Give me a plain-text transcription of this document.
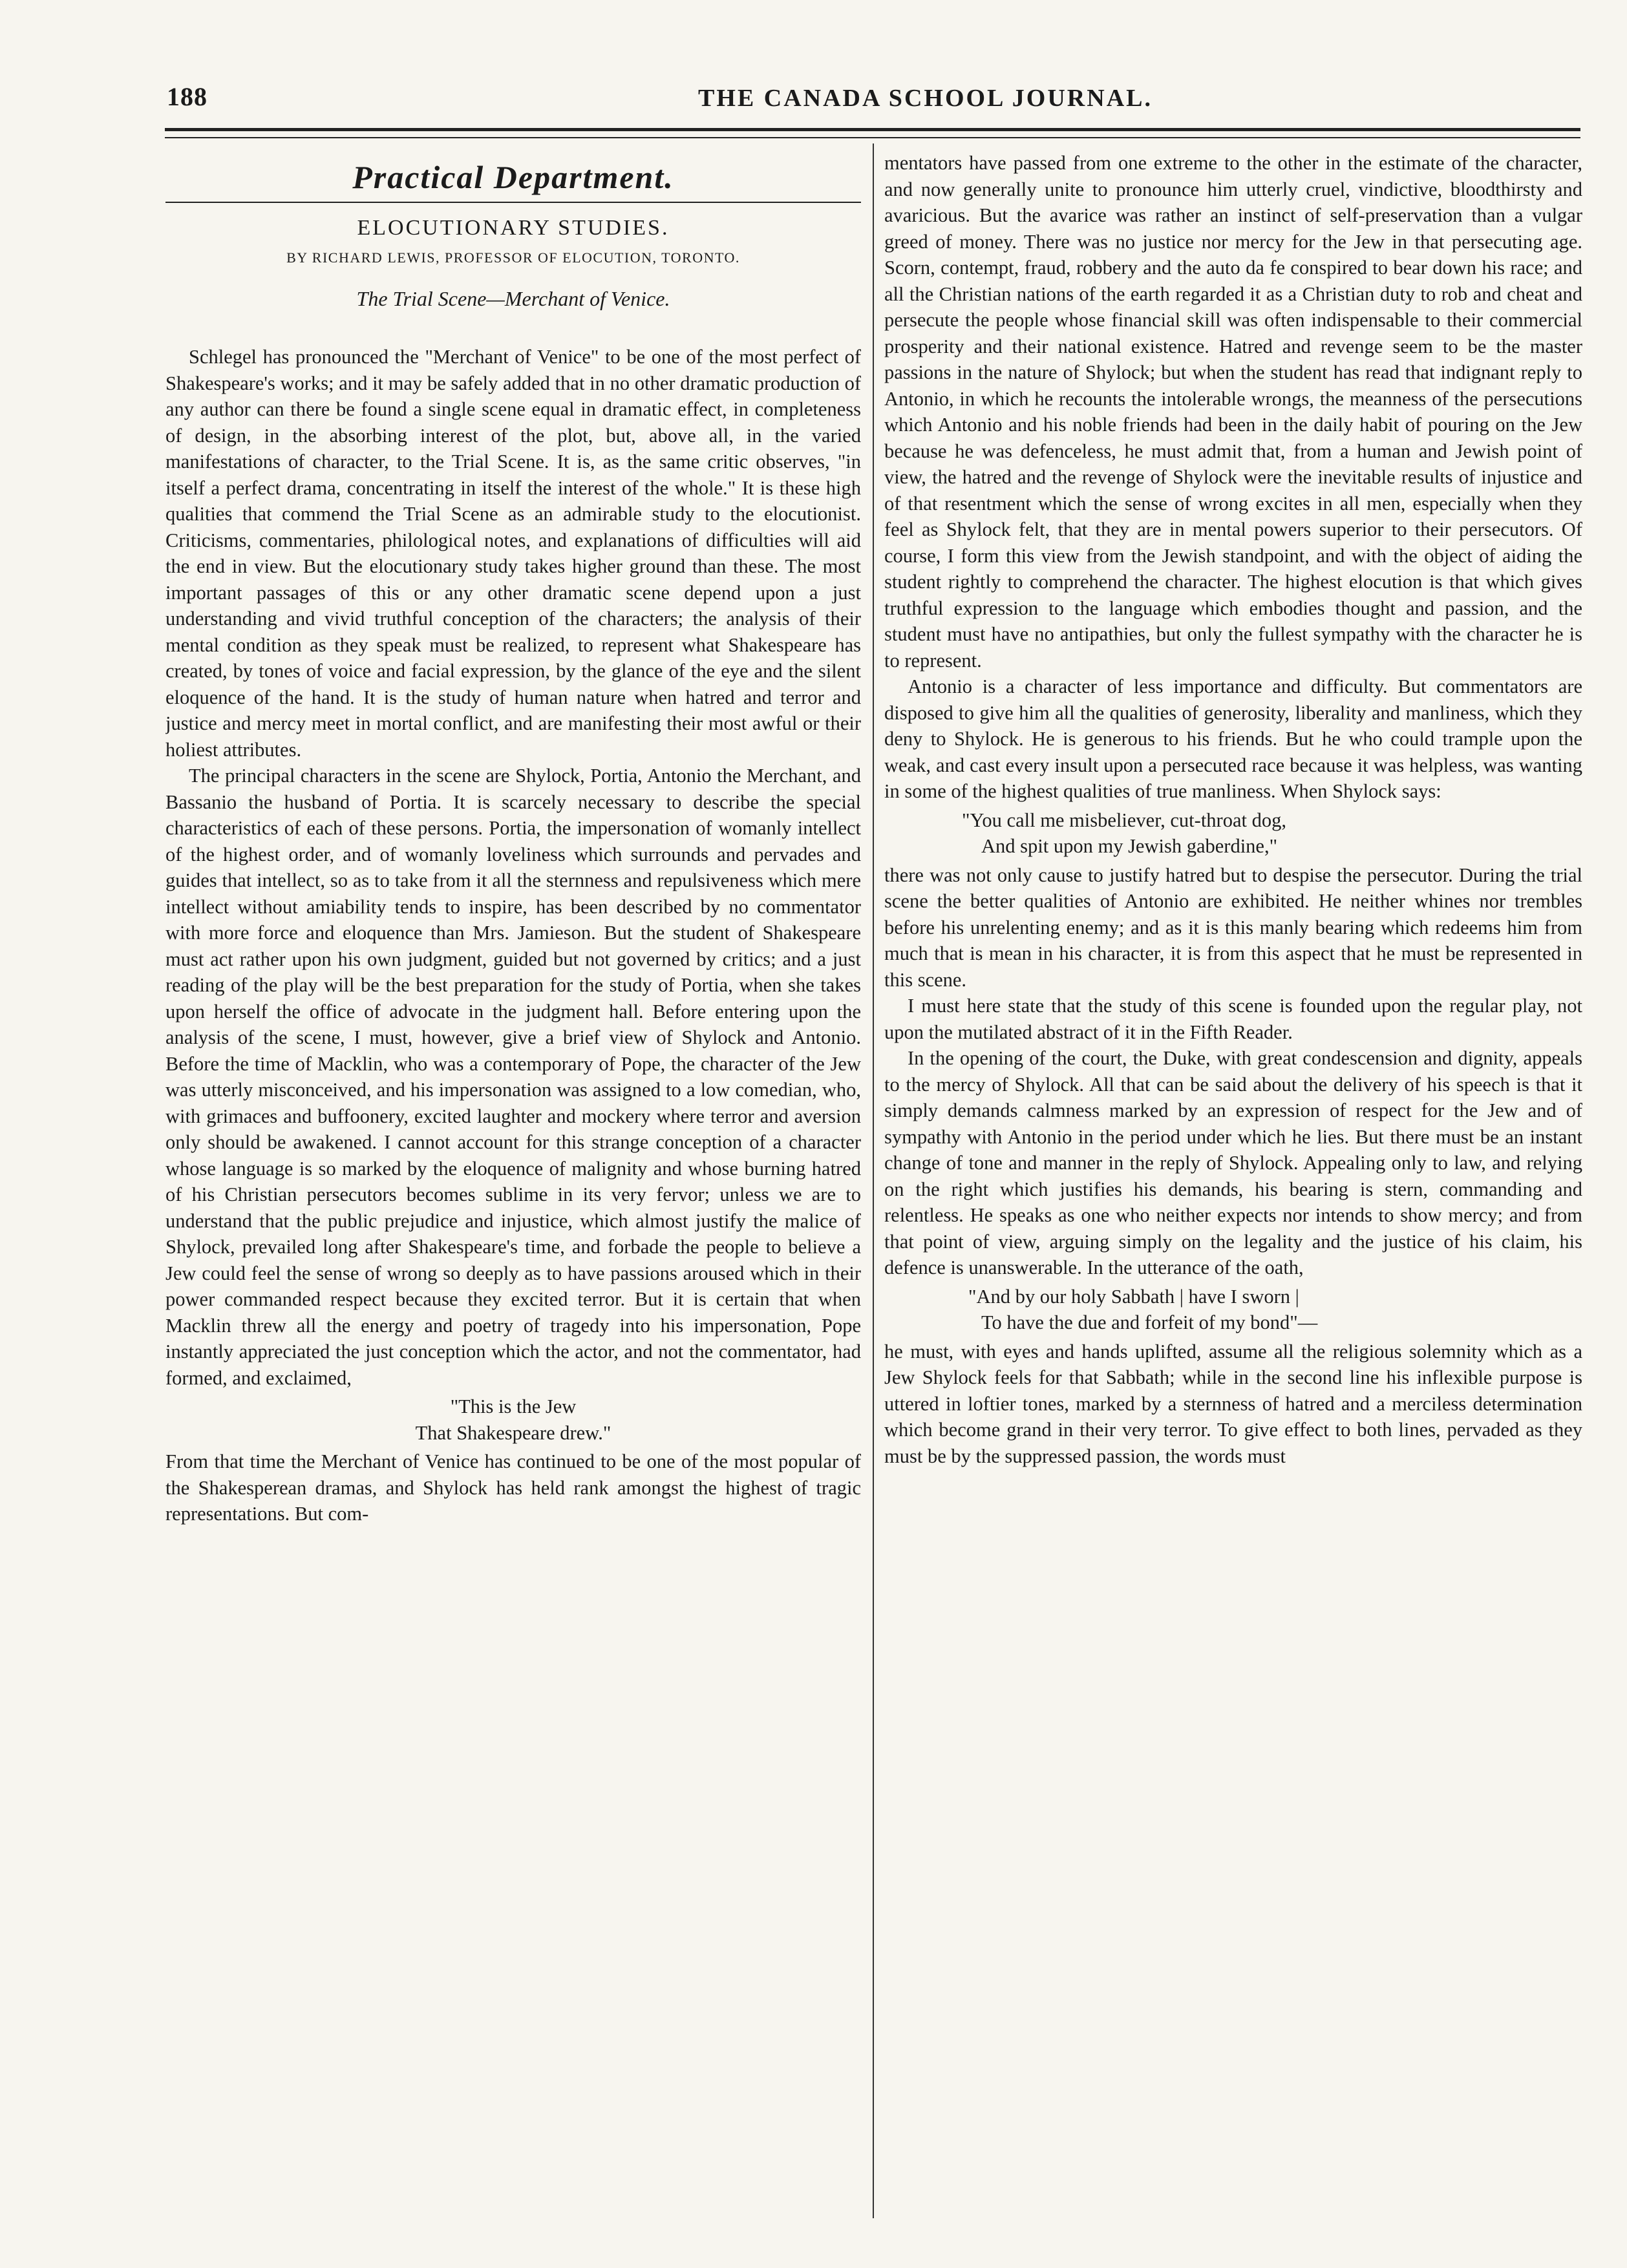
188	THE CANADA SCHOOL JOURNAL.
Practical Department.
ELOCUTIONARY STUDIES.
BY RICHARD LEWIS, PROFESSOR OF ELOCUTION, TORONTO.
The Trial Scene—Merchant of Venice.

Schlegel has pronounced the "Merchant of Venice" to be one of the most perfect of Shakespeare's works; and it may be safely added that in no other dramatic production of any author can there be found a single scene equal in dramatic effect, in completeness of design, in the absorbing interest of the plot, but, above all, in the varied manifestations of character, to the Trial Scene. It is, as the same critic observes, "in itself a perfect drama, concentrating in itself the interest of the whole." It is these high qualities that commend the Trial Scene as an admirable study to the elocutionist. Criticisms, commentaries, philological notes, and explanations of difficulties will aid the end in view. But the elocutionary study takes higher ground than these. The most important passages of this or any other dramatic scene depend upon a just understanding and vivid truthful conception of the characters; the analysis of their mental condition as they speak must be realized, to represent what Shakespeare has created, by tones of voice and facial expression, by the glance of the eye and the silent eloquence of the hand. It is the study of human nature when hatred and terror and justice and mercy meet in mortal conflict, and are manifesting their most awful or their holiest attributes.

The principal characters in the scene are Shylock, Portia, Antonio the Merchant, and Bassanio the husband of Portia. It is scarcely necessary to describe the special characteristics of each of these persons. Portia, the impersonation of womanly intellect of the highest order, and of womanly loveliness which surrounds and pervades and guides that intellect, so as to take from it all the sternness and repulsiveness which mere intellect without amiability tends to inspire, has been described by no commentator with more force and eloquence than Mrs. Jamieson. But the student of Shakespeare must act rather upon his own judgment, guided but not governed by critics; and a just reading of the play will be the best preparation for the study of Portia, when she takes upon herself the office of advocate in the judgment hall. Before entering upon the analysis of the scene, I must, however, give a brief view of Shylock and Antonio. Before the time of Macklin, who was a contemporary of Pope, the character of the Jew was utterly misconceived, and his impersonation was assigned to a low comedian, who, with grimaces and buffoonery, excited laughter and mockery where terror and aversion only should be awakened. I cannot account for this strange conception of a character whose language is so marked by the eloquence of malignity and whose burning hatred of his Christian persecutors becomes sublime in its very fervor; unless we are to understand that the public prejudice and injustice, which almost justify the malice of Shylock, prevailed long after Shakespeare's time, and forbade the people to believe a Jew could feel the sense of wrong so deeply as to have passions aroused which in their power commanded respect because they excited terror. But it is certain that when Macklin threw all the energy and poetry of tragedy into his impersonation, Pope instantly appreciated the just conception which the actor, and not the commentator, had formed, and exclaimed,

"This is the Jew
That Shakespeare drew."

From that time the Merchant of Venice has continued to be one of the most popular of the Shakesperean dramas, and Shylock has held rank amongst the highest of tragic representations. But com-

mentators have passed from one extreme to the other in the estimate of the character, and now generally unite to pronounce him utterly cruel, vindictive, bloodthirsty and avaricious. But the avarice was rather an instinct of self-preservation than a vulgar greed of money. There was no justice nor mercy for the Jew in that persecuting age. Scorn, contempt, fraud, robbery and the auto da fe conspired to bear down his race; and all the Christian nations of the earth regarded it as a Christian duty to rob and cheat and persecute the people whose financial skill was often indispensable to their commercial prosperity and their national existence. Hatred and revenge seem to be the master passions in the nature of Shylock; but when the student has read that indignant reply to Antonio, in which he recounts the intolerable wrongs, the meanness of the persecutions which Antonio and his noble friends had been in the daily habit of pouring on the Jew because he was defenceless, he must admit that, from a human and Jewish point of view, the hatred and the revenge of Shylock were the inevitable results of injustice and of that resentment which the sense of wrong excites in all men, especially when they feel as Shylock felt, that they are in mental powers superior to their persecutors. Of course, I form this view from the Jewish standpoint, and with the object of aiding the student rightly to comprehend the character. The highest elocution is that which gives truthful expression to the language which embodies thought and passion, and the student must have no antipathies, but only the fullest sympathy with the character he is to represent.

Antonio is a character of less importance and difficulty. But commentators are disposed to give him all the qualities of generosity, liberality and manliness, which they deny to Shylock. He is generous to his friends. But he who could trample upon the weak, and cast every insult upon a persecuted race because it was helpless, was wanting in some of the highest qualities of true manliness. When Shylock says:

"You call me misbeliever, cut-throat dog,
And spit upon my Jewish gaberdine,"

there was not only cause to justify hatred but to despise the persecutor. During the trial scene the better qualities of Antonio are exhibited. He neither whines nor trembles before his unrelenting enemy; and as it is this manly bearing which redeems him from much that is mean in his character, it is from this aspect that he must be represented in this scene.

I must here state that the study of this scene is founded upon the regular play, not upon the mutilated abstract of it in the Fifth Reader.

In the opening of the court, the Duke, with great condescension and dignity, appeals to the mercy of Shylock. All that can be said about the delivery of his speech is that it simply demands calmness marked by an expression of respect for the Jew and of sympathy with Antonio in the period under which he lies. But there must be an instant change of tone and manner in the reply of Shylock. Appealing only to law, and relying on the right which justifies his demands, his bearing is stern, commanding and relentless. He speaks as one who neither expects nor intends to show mercy; and from that point of view, arguing simply on the legality and the justice of his claim, his defence is unanswerable. In the utterance of the oath,

"And by our holy Sabbath | have I sworn |
To have the due and forfeit of my bond"—

he must, with eyes and hands uplifted, assume all the religious solemnity which as a Jew Shylock feels for that Sabbath; while in the second line his inflexible purpose is uttered in loftier tones, marked by a sternness of hatred and a merciless determination which become grand in their very terror. To give effect to both lines, pervaded as they must be by the suppressed passion, the words must
